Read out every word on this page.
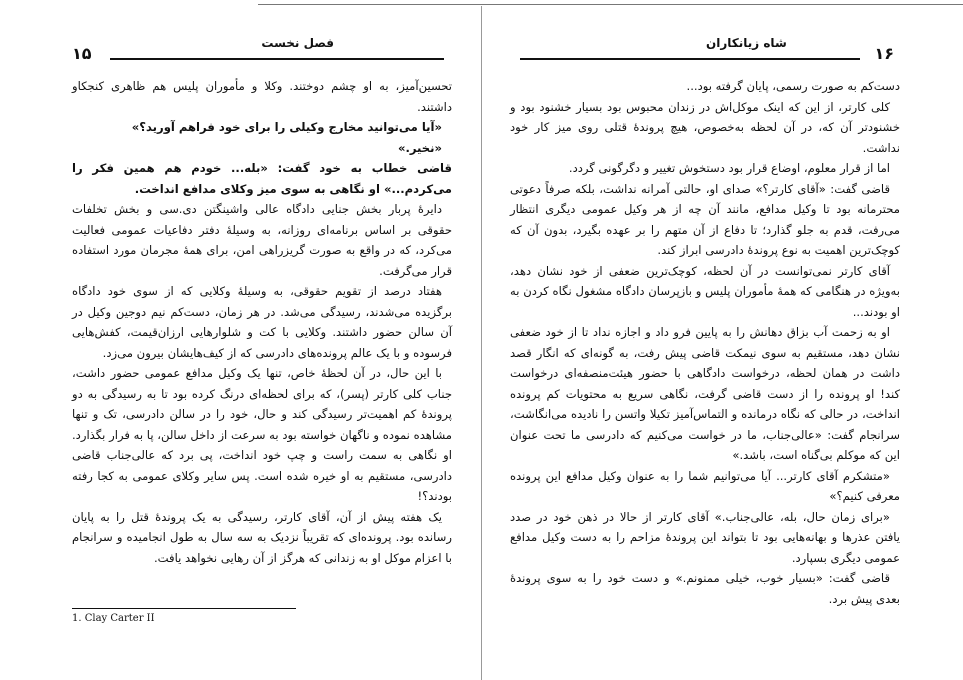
۱۵
فصل نخست

تحسین‌آمیز، به او چشم دوختند. وکلا و مأموران پلیس هم ظاهری کنجکاو داشتند.

«آیا می‌توانید مخارج وکیلی را برای خود فراهم آورید؟»

«نخیر.»

قاضی خطاب به خود گفت: «بله... خودم هم همین فکر را می‌کردم...» او نگاهی به سوی میز وکلای مدافع انداخت.

دایرهٔ پربار بخش جنایی دادگاه عالی واشینگتن دی.سی و بخش تخلفات حقوقی بر اساس برنامه‌ای روزانه، به وسیلهٔ دفتر دفاعیات عمومی فعالیت می‌کرد، که در واقع به صورت گریزراهی امن، برای همهٔ مجرمان مورد استفاده قرار می‌گرفت.

هفتاد درصد از تقویم حقوقی، به وسیلهٔ وکلایی که از سوی خود دادگاه برگزیده می‌شدند، رسیدگی می‌شد. در هر زمان، دست‌کم نیم دوجین وکیل در آن سالن حضور داشتند. وکلایی با کت و شلوارهایی ارزان‌قیمت، کفش‌هایی فرسوده و با یک عالم پرونده‌های دادرسی که از کیف‌هایشان بیرون می‌زد.

با این حال، در آن لحظهٔ خاص، تنها یک وکیل مدافع عمومی حضور داشت، جناب کلی کارتر (پسر)، که برای لحظه‌ای درنگ کرده بود تا به رسیدگی به دو پروندهٔ کم اهمیت‌تر رسیدگی کند و حال، خود را در سالن دادرسی، تک و تنها مشاهده نموده و ناگهان خواسته بود به سرعت از داخل سالن، پا به فرار بگذارد. او نگاهی به سمت راست و چپ خود انداخت، پی برد که عالی‌جناب قاضی دادرسی، مستقیم به او خیره شده است. پس سایر وکلای عمومی به کجا رفته بودند؟!

یک هفته پیش از آن، آقای کارتر، رسیدگی به یک پروندهٔ قتل را به پایان رسانده بود. پرونده‌ای که تقریباً نزدیک به سه سال به طول انجامیده و سرانجام با اعزام موکل او به زندانی که هرگز از آن رهایی نخواهد یافت.

1. Clay Carter II
شاه زیانکاران
۱۶

دست‌کم به صورت رسمی، پایان گرفته بود...

کلی کارتر، از این که اینک موکل‌اش در زندان محبوس بود بسیار خشنود بود و خشنودتر آن که، در آن لحظه به‌خصوص، هیچ پروندهٔ قتلی روی میز کار خود نداشت.

اما از قرار معلوم، اوضاع قرار بود دستخوش تغییر و دگرگونی گردد.

قاضی گفت: «آقای کارتر؟» صدای او، حالتی آمرانه نداشت، بلکه صرفاً دعوتی محترمانه بود تا وکیل مدافع، مانند آن چه از هر وکیل عمومی دیگری انتظار می‌رفت، قدم به جلو گذارد؛ تا دفاع از آن متهم را بر عهده بگیرد، بدون آن که کوچک‌ترین اهمیت به نوع پروندهٔ دادرسی ابراز کند.

آقای کارتر نمی‌توانست در آن لحظه، کوچک‌ترین ضعفی از خود نشان دهد، به‌ویژه در هنگامی که همهٔ مأموران پلیس و بازپرسان دادگاه مشغول نگاه کردن به او بودند...

او به زحمت آب بزاق دهانش را به پایین فرو داد و اجازه نداد تا از خود ضعفی نشان دهد، مستقیم به سوی نیمکت قاضی پیش رفت، به گونه‌ای که انگار قصد داشت در همان لحظه، درخواست دادگاهی با حضور هیئت‌منصفه‌ای درخواست کند! او پرونده را از دست قاضی گرفت، نگاهی سریع به محتویات کم پرونده انداخت، در حالی که نگاه درمانده و التماس‌آمیز تکیلا واتسن را نادیده می‌انگاشت، سرانجام گفت: «عالی‌جناب، ما در خواست می‌کنیم که دادرسی ما تحت عنوان این که موکلم بی‌گناه است، باشد.»

«متشکرم آقای کارتر... آیا می‌توانیم شما را به عنوان وکیل مدافع این پرونده معرفی کنیم؟»

«برای زمان حال، بله، عالی‌جناب.» آقای کارتر از حالا در ذهن خود در صدد یافتن عذرها و بهانه‌هایی بود تا بتواند این پروندهٔ مزاحم را به دست وکیل مدافع عمومی دیگری بسپارد.

قاضی گفت: «بسیار خوب، خیلی ممنونم.» و دست خود را به سوی پروندهٔ بعدی پیش برد.
